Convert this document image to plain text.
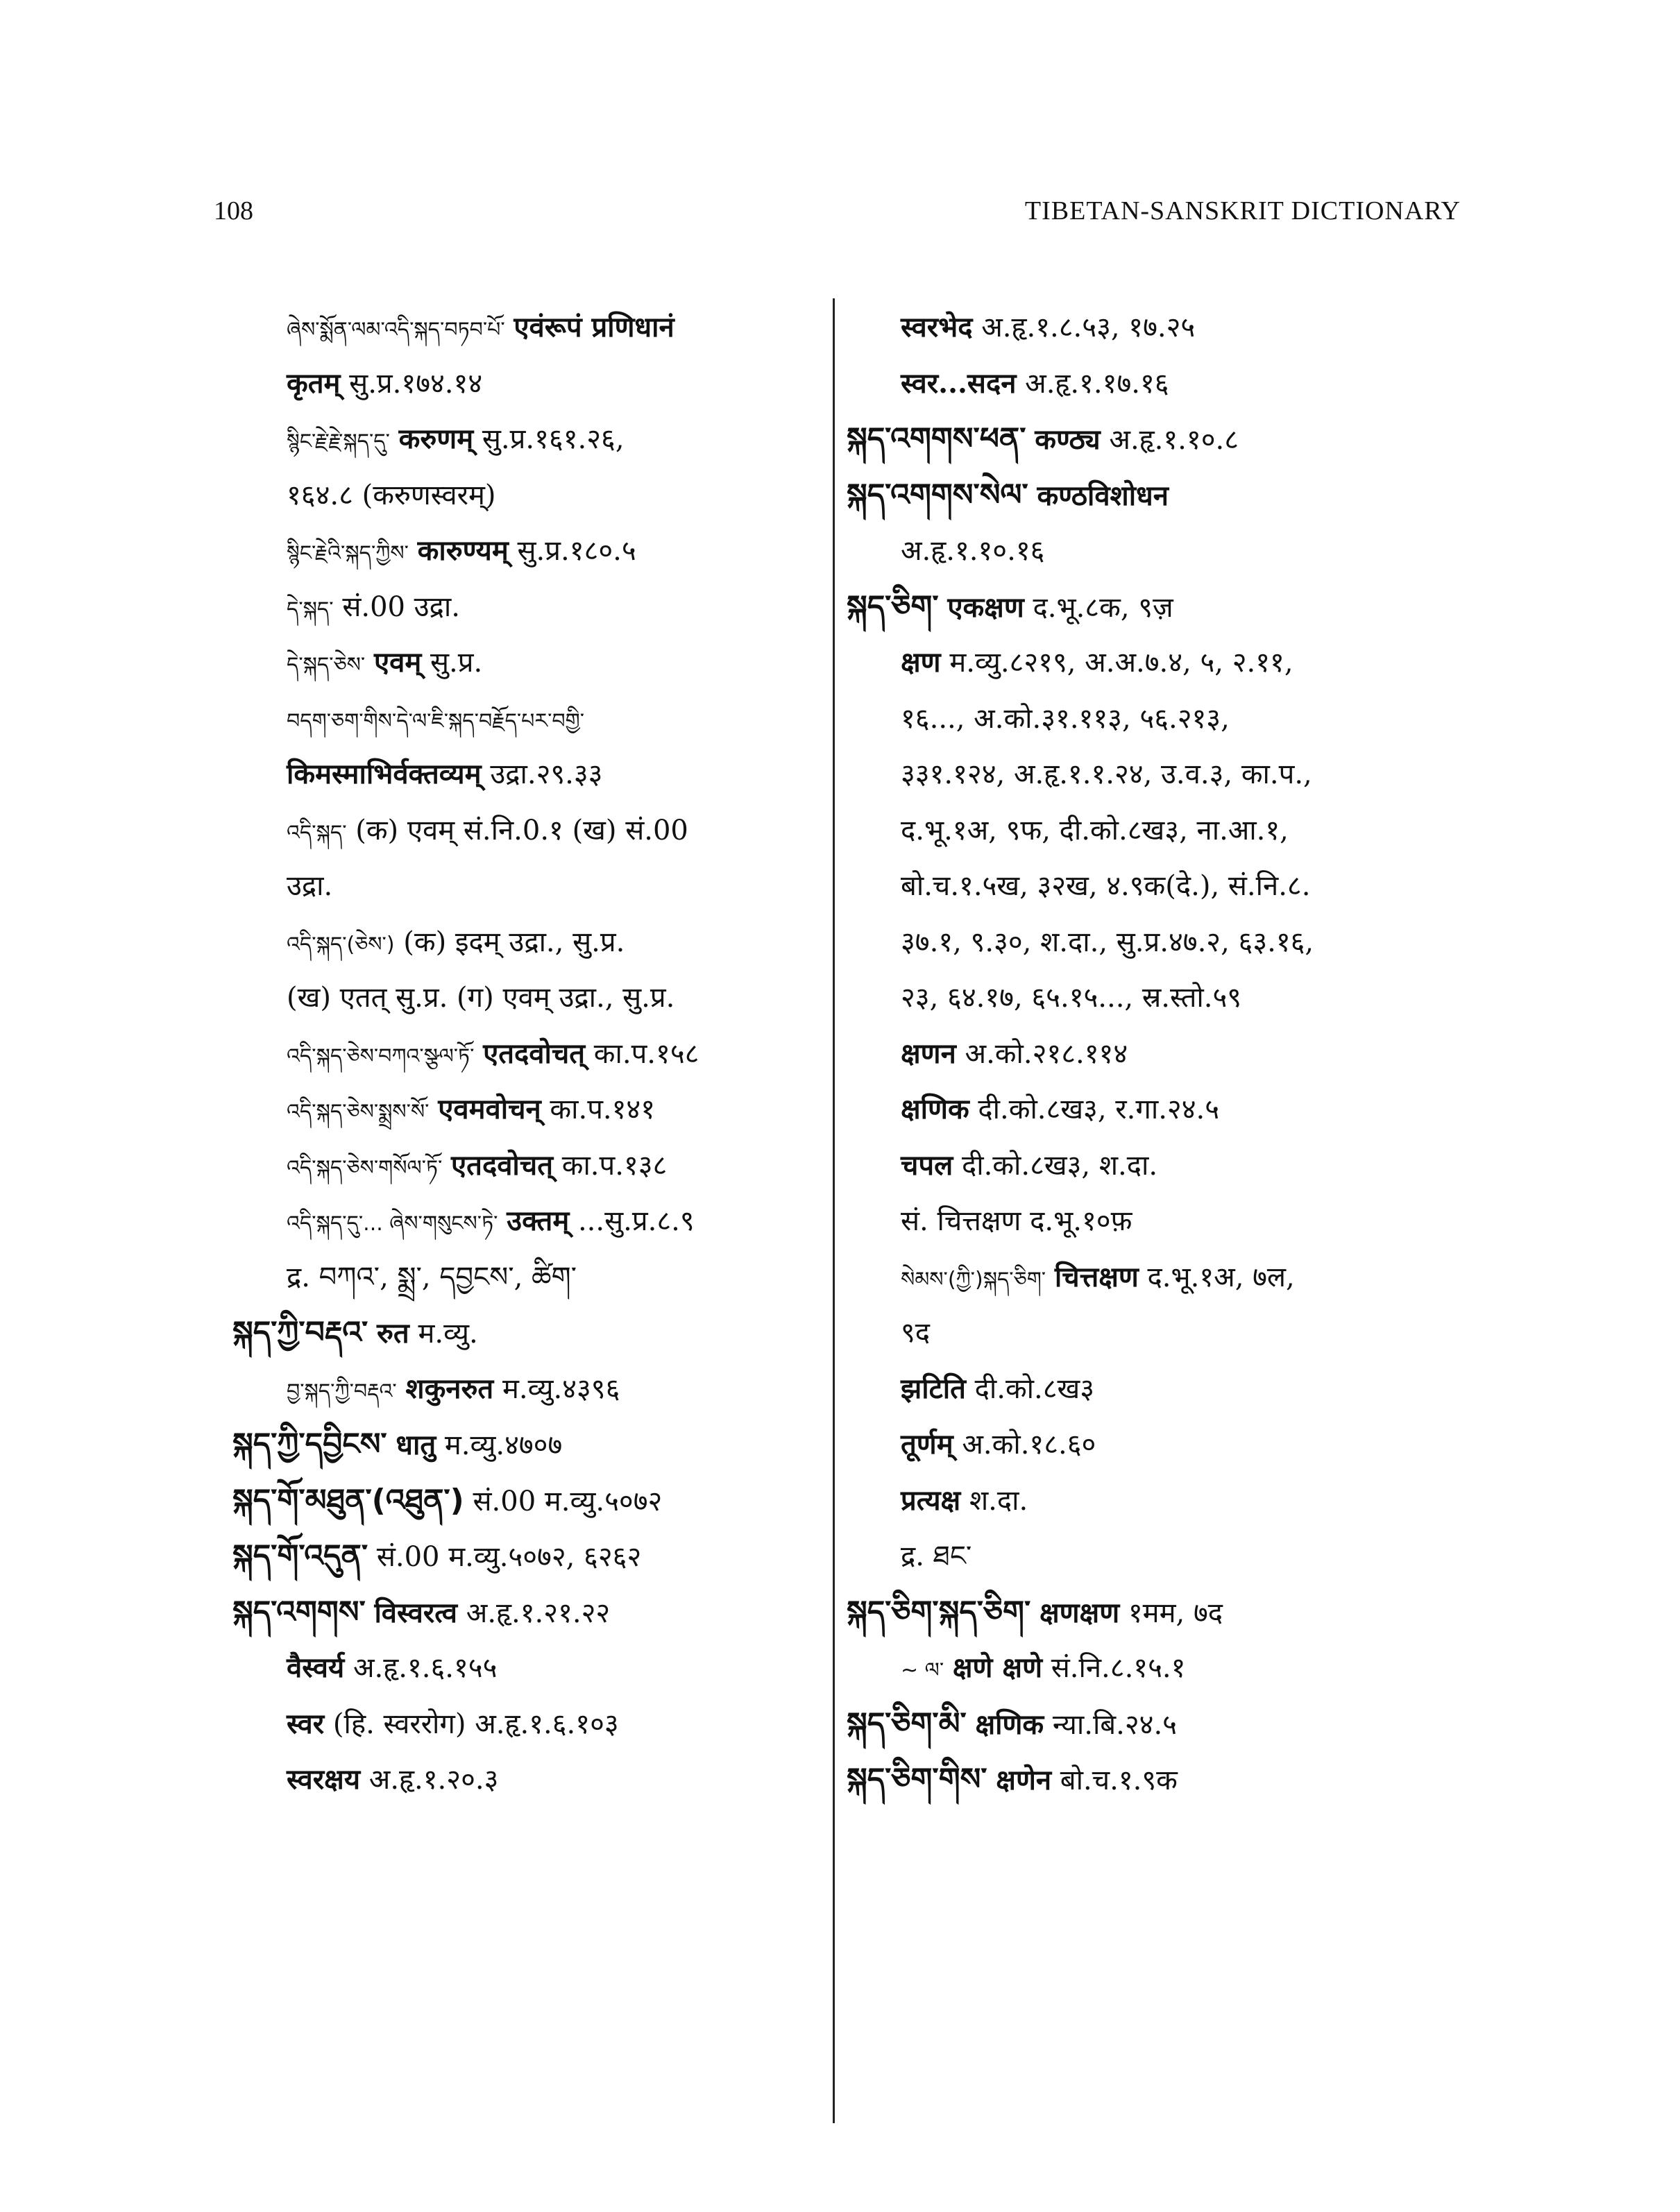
108	TIBETAN-SANSKRIT DICTIONARY
ཞེས་སྨོན་ལམ་འདི་སྐད་བཏབ་པོ་ एवंरूपं प्रणिधानं
कृतम् सु.प्र.१७४.१४
སྙིང་རྗེ་རྗེ་སྐད་དུ་ करुणम् सु.प्र.१६१.२६,
१६४.८ (करुणस्वरम्)
སྙིང་རྗེའི་སྐད་ཀྱིས་ कारुण्यम् सु.प्र.१८०.५
དེ་སྐད་ सं.00 उद्रा.
དེ་སྐད་ཅེས་ एवम् सु.प्र.
བདག་ཅག་གིས་དེ་ལ་ཇི་སྐད་བརྗོད་པར་བགྱི་
किमस्माभिर्वक्तव्यम् उद्रा.२९.३३
འདི་སྐད་ (क) एवम् सं.नि.0.१ (ख) सं.00
उद्रा.
འདི་སྐད་(ཅེས་) (क) इदम् उद्रा., सु.प्र.
(ख) एतत् सु.प्र. (ग) एवम् उद्रा., सु.प्र.
འདི་སྐད་ཅེས་བཀའ་སྩལ་ཏོ་ एतदवोचत् का.प.१५८
འདི་སྐད་ཅེས་སྨྲས་སོ་ एवमवोचन् का.प.१४१
འདི་སྐད་ཅེས་གསོལ་ཏོ་ एतदवोचत् का.प.१३८
འདི་སྐད་དུ་... ཞེས་གསུངས་ཏེ་ उक्तम् ...सु.प्र.८.९
द्र. བཀའ་, སྨྲ་, དབྱངས་, ཚིག་
སྐད་ཀྱི་བརྡའ་ रुत म.व्यु.
བྱ་སྐད་ཀྱི་བརྡའ་ शकुनरुत म.व्यु.४३९६
སྐད་ཀྱི་དབྱིངས་ धातु म.व्यु.४७०७
སྐད་གོ་མཐུན་(འཐུན་) सं.00 म.व्यु.५०७२
སྐད་གོ་འདུན་ सं.00 म.व्यु.५०७२, ६२६२
སྐད་འགགས་ विस्वरत्व अ.हृ.१.२१.२२
वैस्वर्य अ.हृ.१.६.१५५
स्वर (हि. स्वररोग) अ.हृ.१.६.१०३
स्वरक्षय अ.हृ.१.२०.३
स्वरभेद अ.हृ.१.८.५३, १७.२५
स्वर...सदन अ.हृ.१.१७.१६
སྐད་འགགས་ཕན་ कण्ठ्य अ.हृ.१.१०.८
སྐད་འགགས་སེལ་ कण्ठविशोधन
अ.हृ.१.१०.१६
སྐད་ཅིག་ एकक्षण द.भू.८क, ९ज़
क्षण म.व्यु.८२१९, अ.अ.७.४, ५, २.११,
१६..., अ.को.३१.११३, ५६.२१३,
३३१.१२४, अ.हृ.१.१.२४, उ.व.३, का.प.,
द.भू.१अ, ९फ, दी.को.८ख३, ना.आ.१,
बो.च.१.५ख, ३२ख, ४.९क(दे.), सं.नि.८.
३७.१, ९.३०, श.दा., सु.प्र.४७.२, ६३.१६,
२३, ६४.१७, ६५.१५..., स्र.स्तो.५९
क्षणन अ.को.२१८.११४
क्षणिक दी.को.८ख३, र.गा.२४.५
चपल दी.को.८ख३, श.दा.
सं. चित्तक्षण द.भू.१०फ़
སེམས་(ཀྱི་)སྐད་ཅིག་ चित्तक्षण द.भू.१अ, ७ल,
९द
झटिति दी.को.८ख३
तूर्णम् अ.को.१८.६०
प्रत्यक्ष श.दा.
द्र. ཐང་
སྐད་ཅིག་སྐད་ཅིག་ क्षणक्षण १मम, ७द
~ ལ་ क्षणे क्षणे सं.नि.८.१५.१
སྐད་ཅིག་མི་ क्षणिक न्या.बि.२४.५
སྐད་ཅིག་གིས་ क्षणेन बो.च.१.९क
